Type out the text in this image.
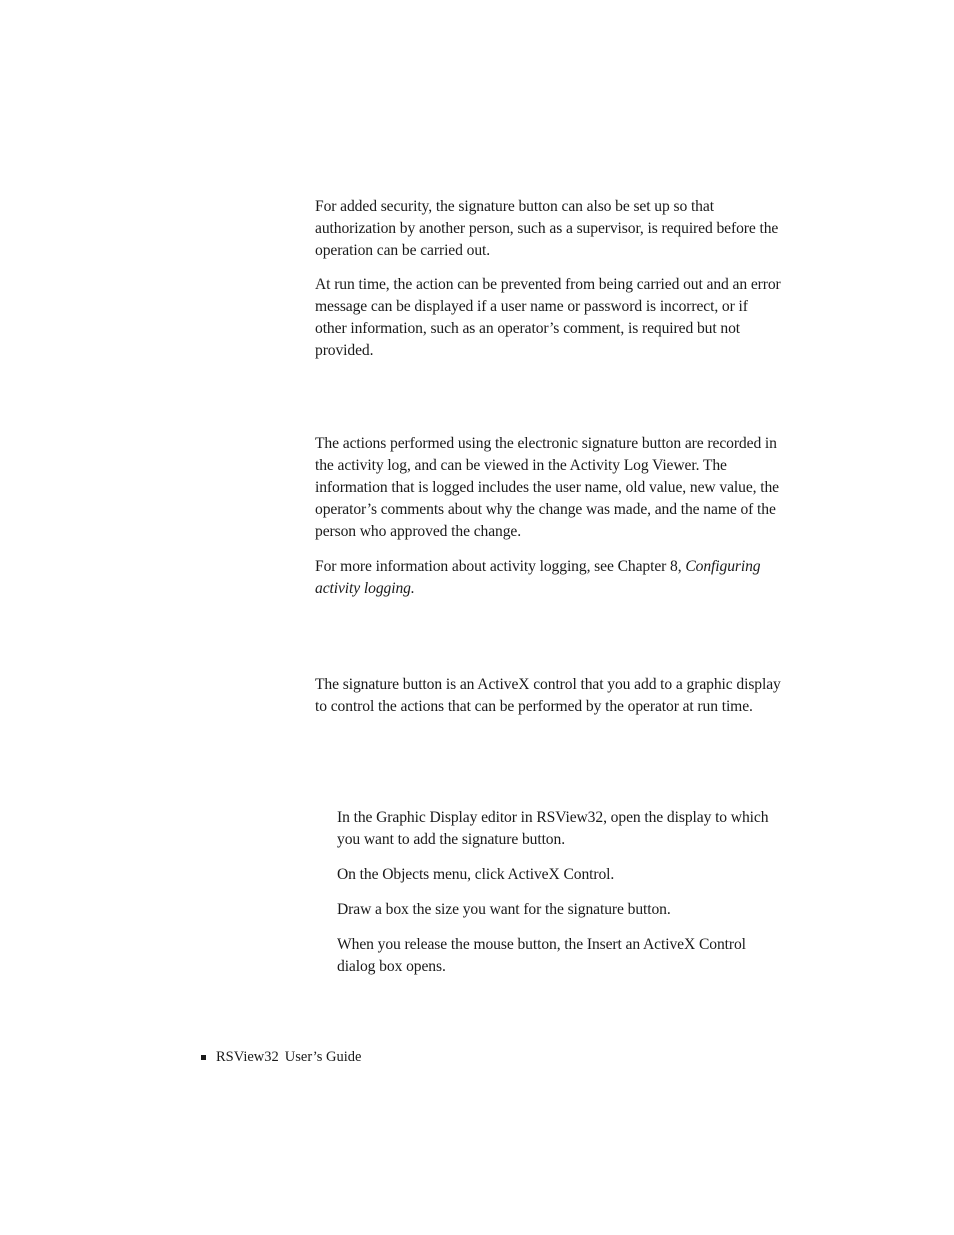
For added security, the signature button can also be set up so that authorization by another person, such as a supervisor, is required before the operation can be carried out.

At run time, the action can be prevented from being carried out and an error message can be displayed if a user name or password is incorrect, or if other information, such as an operator’s comment, is required but not provided.

The actions performed using the electronic signature button are recorded in the activity log, and can be viewed in the Activity Log Viewer. The information that is logged includes the user name, old value, new value, the operator’s comments about why the change was made, and the name of the person who approved the change.

For more information about activity logging, see Chapter 8, Configuring activity logging.

The signature button is an ActiveX control that you add to a graphic display to control the actions that can be performed by the operator at run time.

In the Graphic Display editor in RSView32, open the display to which you want to add the signature button.

On the Objects menu, click ActiveX Control.

Draw a box the size you want for the signature button.

When you release the mouse button, the Insert an ActiveX Control dialog box opens.

RSView32 User’s Guide
